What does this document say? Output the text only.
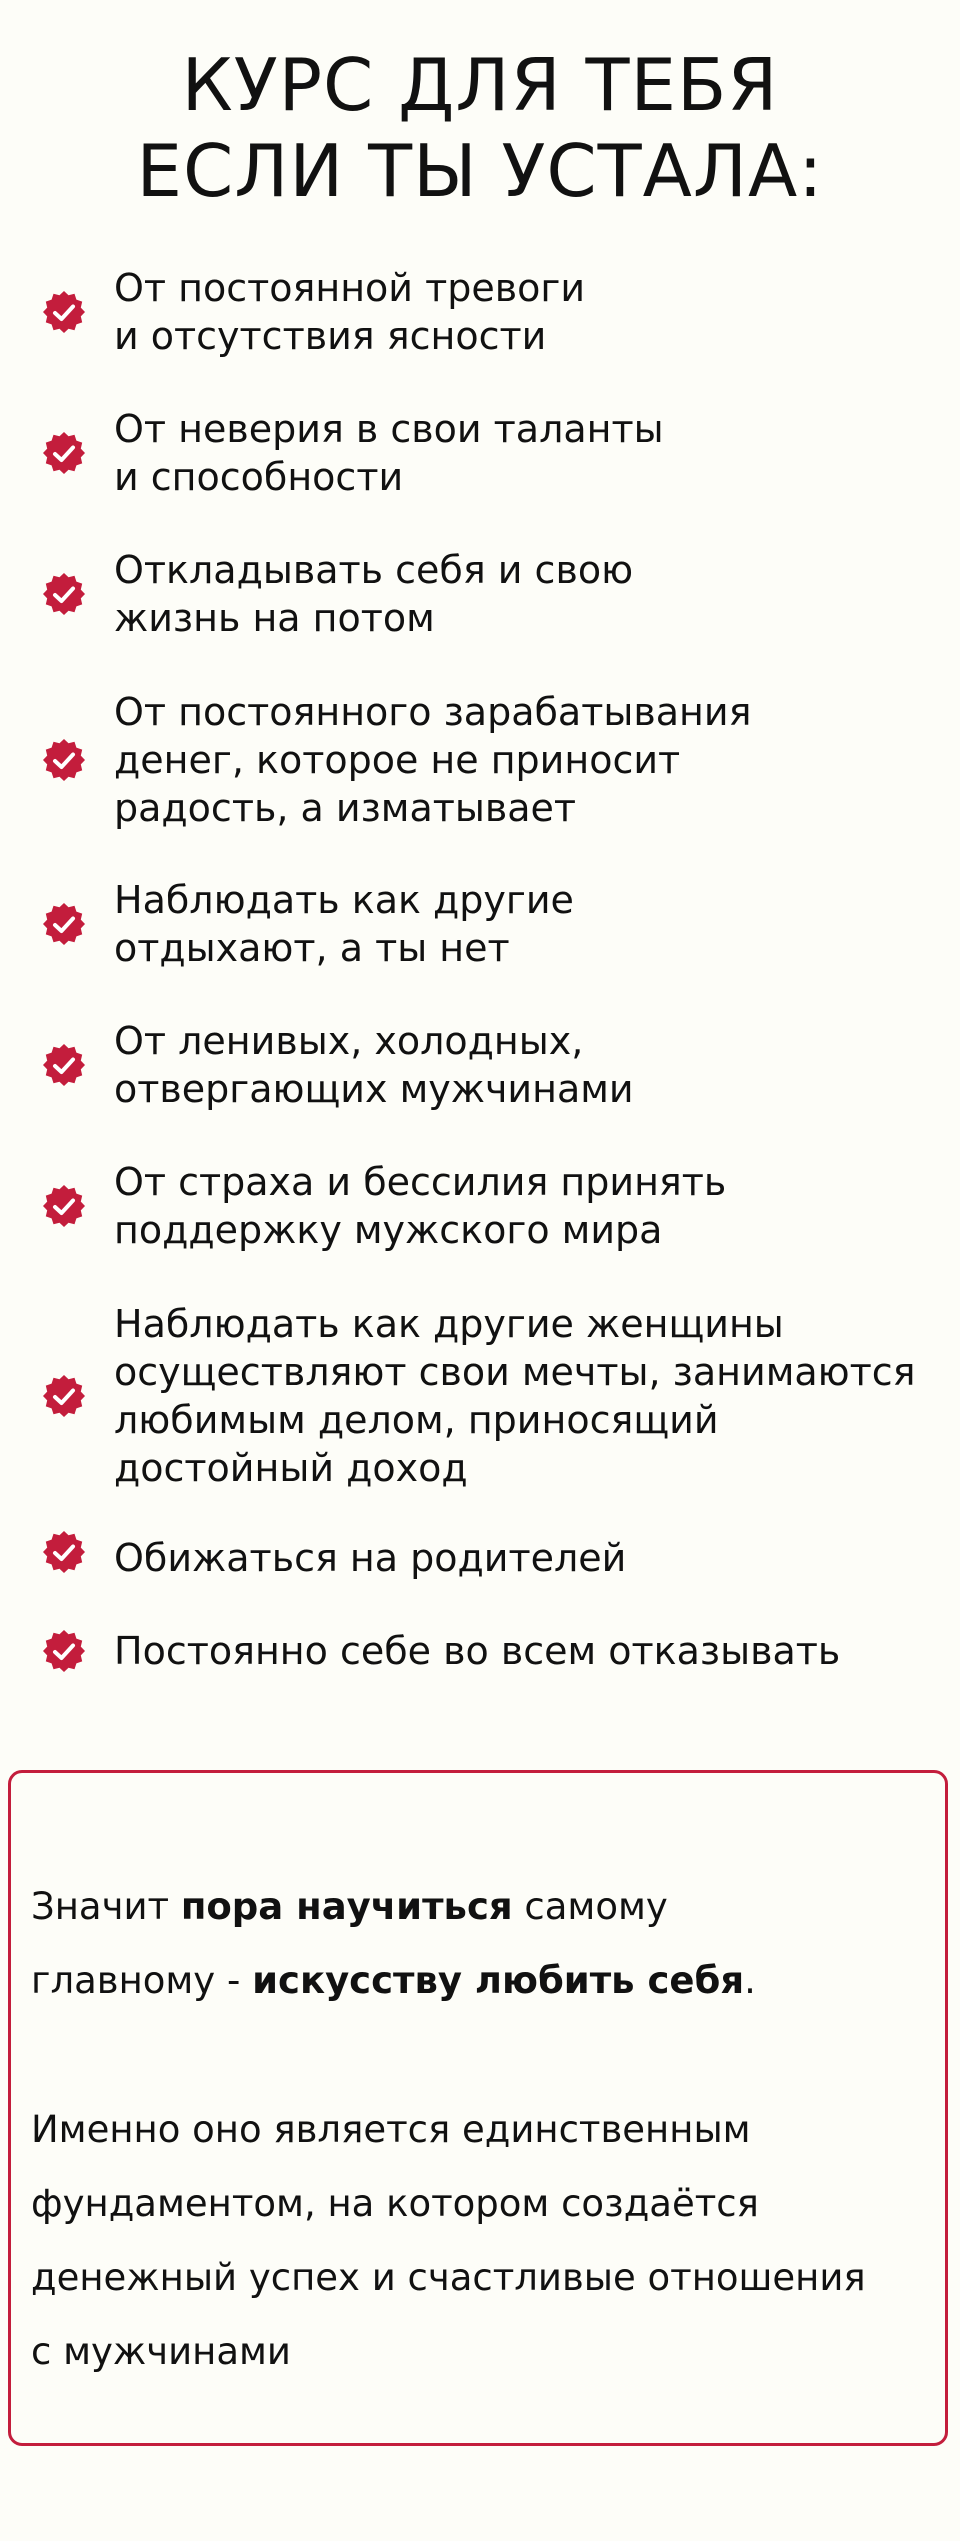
КУРС ДЛЯ ТЕБЯ
ЕСЛИ ТЫ УСТАЛА:
От постоянной тревоги
и отсутствия ясности
От неверия в свои таланты
и способности
Откладывать себя и свою
жизнь на потом
От постоянного зарабатывания
денег, которое не приносит
радость, а изматывает
Наблюдать как другие
отдыхают, а ты нет
От ленивых, холодных,
отвергающих мужчинами
От страха и бессилия принять
поддержку мужского мира
Наблюдать как другие женщины
осуществляют свои мечты, занимаются
любимым делом, приносящий
достойный доход
Обижаться на родителей
Постоянно себе во всем отказывать

Значит пора научиться самому
главному - искусству любить себя.

Именно оно является единственным
фундаментом, на котором создаётся
денежный успех и счастливые отношения
с мужчинами
